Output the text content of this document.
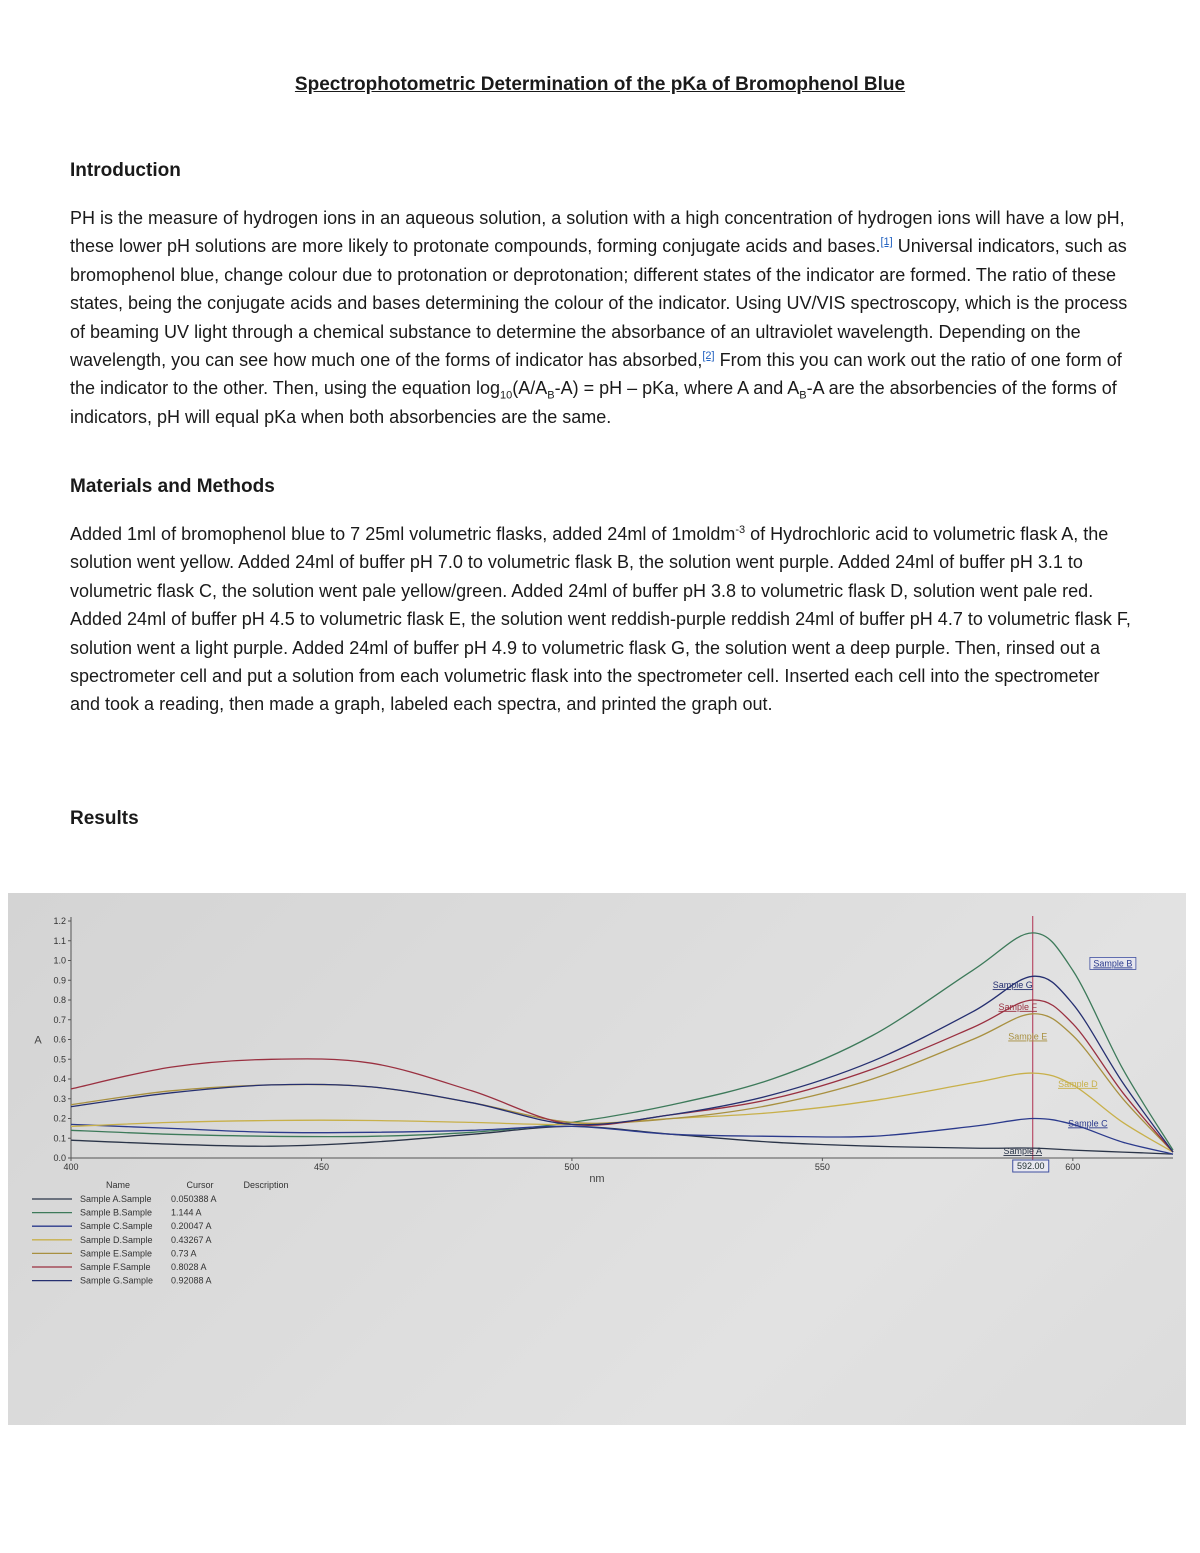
Spectrophotometric Determination of the pKa of Bromophenol Blue
Introduction

PH is the measure of hydrogen ions in an aqueous solution, a solution with a high concentration of hydrogen ions will have a low pH, these lower pH solutions are more likely to protonate compounds, forming conjugate acids and bases.[1] Universal indicators, such as bromophenol blue, change colour due to protonation or deprotonation; different states of the indicator are formed. The ratio of these states, being the conjugate acids and bases determining the colour of the indicator. Using UV/VIS spectroscopy, which is the process of beaming UV light through a chemical substance to determine the absorbance of an ultraviolet wavelength. Depending on the wavelength, you can see how much one of the forms of indicator has absorbed,[2] From this you can work out the ratio of one form of the indicator to the other. Then, using the equation $\log_{10}(A/A_B-A)$ = pH – pKa, where A and $A_B-A$ are the absorbencies of the forms of indicators, pH will equal pKa when both absorbencies are the same.

Materials and Methods

Added 1ml of bromophenol blue to 7 25ml volumetric flasks, added 24ml of 1moldm$^{-3}$ of Hydrochloric acid to volumetric flask A, the solution went yellow. Added 24ml of buffer pH 7.0 to volumetric flask B, the solution went purple. Added 24ml of buffer pH 3.1 to volumetric flask C, the solution went pale yellow/green. Added 24ml of buffer pH 3.8 to volumetric flask D, solution went pale red. Added 24ml of buffer pH 4.5 to volumetric flask E, the solution went reddish-purple reddish 24ml of buffer pH 4.7 to volumetric flask F, solution went a light purple. Added 24ml of buffer pH 4.9 to volumetric flask G, the solution went a deep purple. Then, rinsed out a spectrometer cell and put a solution from each volumetric flask into the spectrometer cell. Inserted each cell into the spectrometer and took a reading, then made a graph, labeled each spectra, and printed the graph out.

Results
0.0
0.1
0.2
0.3
0.4
0.5
0.6
0.7
0.8
0.9
1.0
1.1
1.2
400	450	500	550	600
nm
A
592.00
Sample B
Sample G
Sample F
Sample E
Sample D
Sample C
Sample A
Name	Cursor	Description
Sample A.Sample 0.050388 A
Sample B.Sample 1.144 A
Sample C.Sample 0.20047 A
Sample D.Sample 0.43267 A
Sample E.Sample 0.73 A
Sample F.Sample 0.8028 A
Sample G.Sample 0.92088 A
